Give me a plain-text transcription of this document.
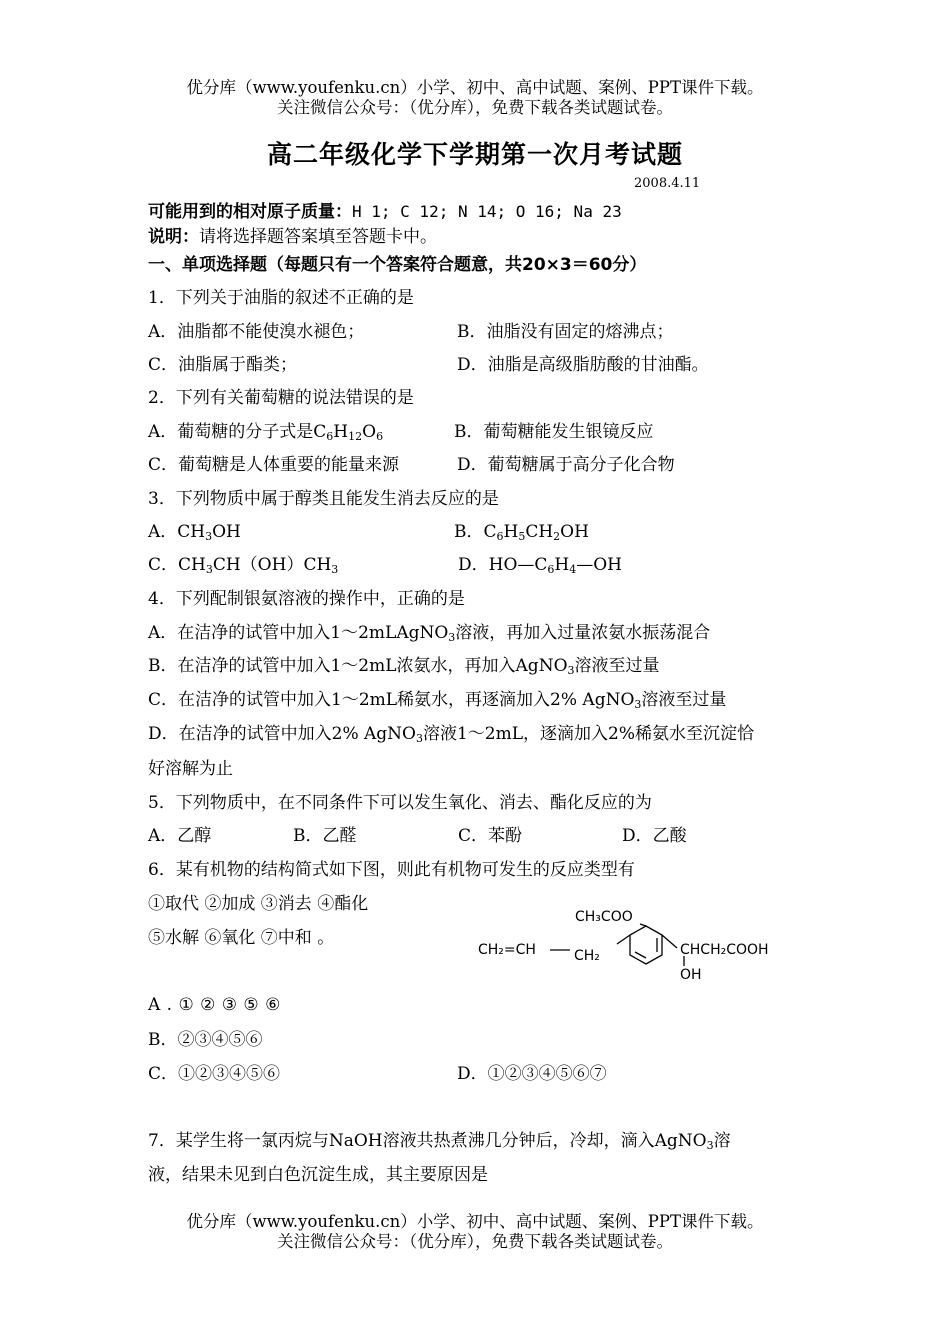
优分库（www.youfenku.cn）小学、初中、高中试题、案例、PPT课件下载。
关注微信公众号：（优分库），免费下载各类试题试卷。
高二年级化学下学期第一次月考试题
2008.4.11
可能用到的相对原子质量：H 1; C 12; N 14; O 16; Na 23
说明：请将选择题答案填至答题卡中。
一、单项选择题（每题只有一个答案符合题意，共20×3＝60分）
1．下列关于油脂的叙述不正确的是
A．油脂都不能使溴水褪色；	B．油脂没有固定的熔沸点；
C．油脂属于酯类；	D．油脂是高级脂肪酸的甘油酯。
2．下列有关葡萄糖的说法错误的是
A．葡萄糖的分子式是$C_6H_{12}O_6$	B．葡萄糖能发生银镜反应
C．葡萄糖是人体重要的能量来源	D．葡萄糖属于高分子化合物
3．下列物质中属于醇类且能发生消去反应的是
A．$CH_3OH$	B．$C_6H_5CH_2OH$
C．$CH_3CH(OH)CH_3$	D．$HO—C_6H_4—OH$
4．下列配制银氨溶液的操作中，正确的是
A．在洁净的试管中加入1～2mLAgNO$_3$溶液，再加入过量浓氨水振荡混合
B．在洁净的试管中加入1～2mL浓氨水，再加入AgNO$_3$溶液至过量
C．在洁净的试管中加入1～2mL稀氨水，再逐滴加入2% AgNO$_3$溶液至过量
D．在洁净的试管中加入2% AgNO$_3$溶液1～2mL，逐滴加入2%稀氨水至沉淀恰
好溶解为止
5．下列物质中，在不同条件下可以发生氧化、消去、酯化反应的为
A．乙醇	B．乙醛	C．苯酚	D．乙酸
6．某有机物的结构简式如下图，则此有机物可发生的反应类型有
①取代 ②加成 ③消去 ④酯化
⑤水解 ⑥氧化 ⑦中和 。
CH₃COO
CH₂=CH	CH₂	CHCH₂COOH
OH
A . ① ② ③ ⑤ ⑥
B．②③④⑤⑥
C．①②③④⑤⑥	D．①②③④⑤⑥⑦
7．某学生将一氯丙烷与NaOH溶液共热煮沸几分钟后，冷却，滴入AgNO$_3$溶
液，结果未见到白色沉淀生成，其主要原因是
优分库（www.youfenku.cn）小学、初中、高中试题、案例、PPT课件下载。
关注微信公众号：（优分库），免费下载各类试题试卷。
